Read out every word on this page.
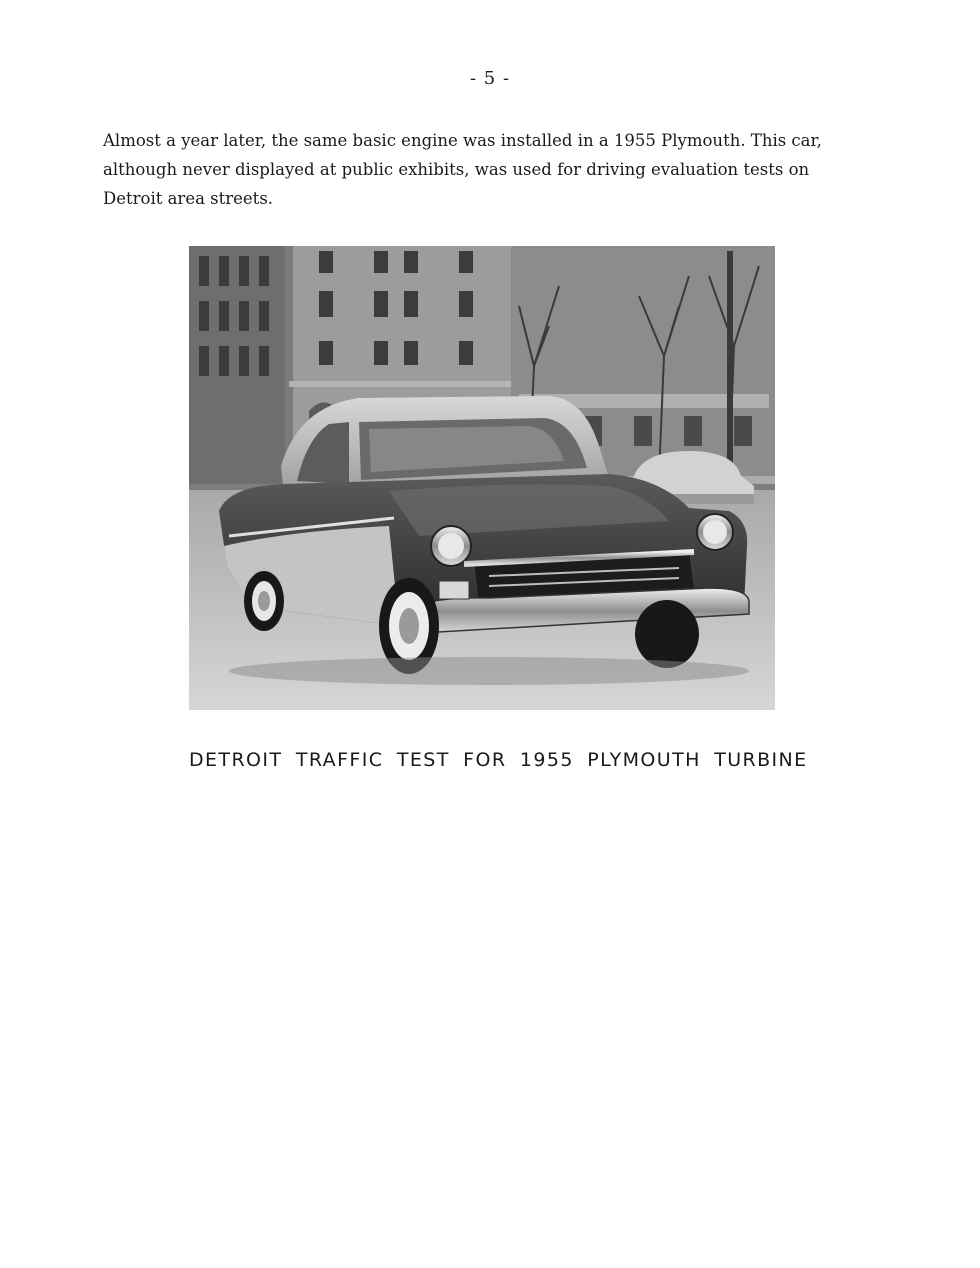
- 5 -

Almost a year later, the same basic engine was installed in a 1955 Plymouth. This car,
although never displayed at public exhibits, was used for driving evaluation tests on
Detroit area streets.

DETROIT TRAFFIC TEST FOR 1955 PLYMOUTH TURBINE
